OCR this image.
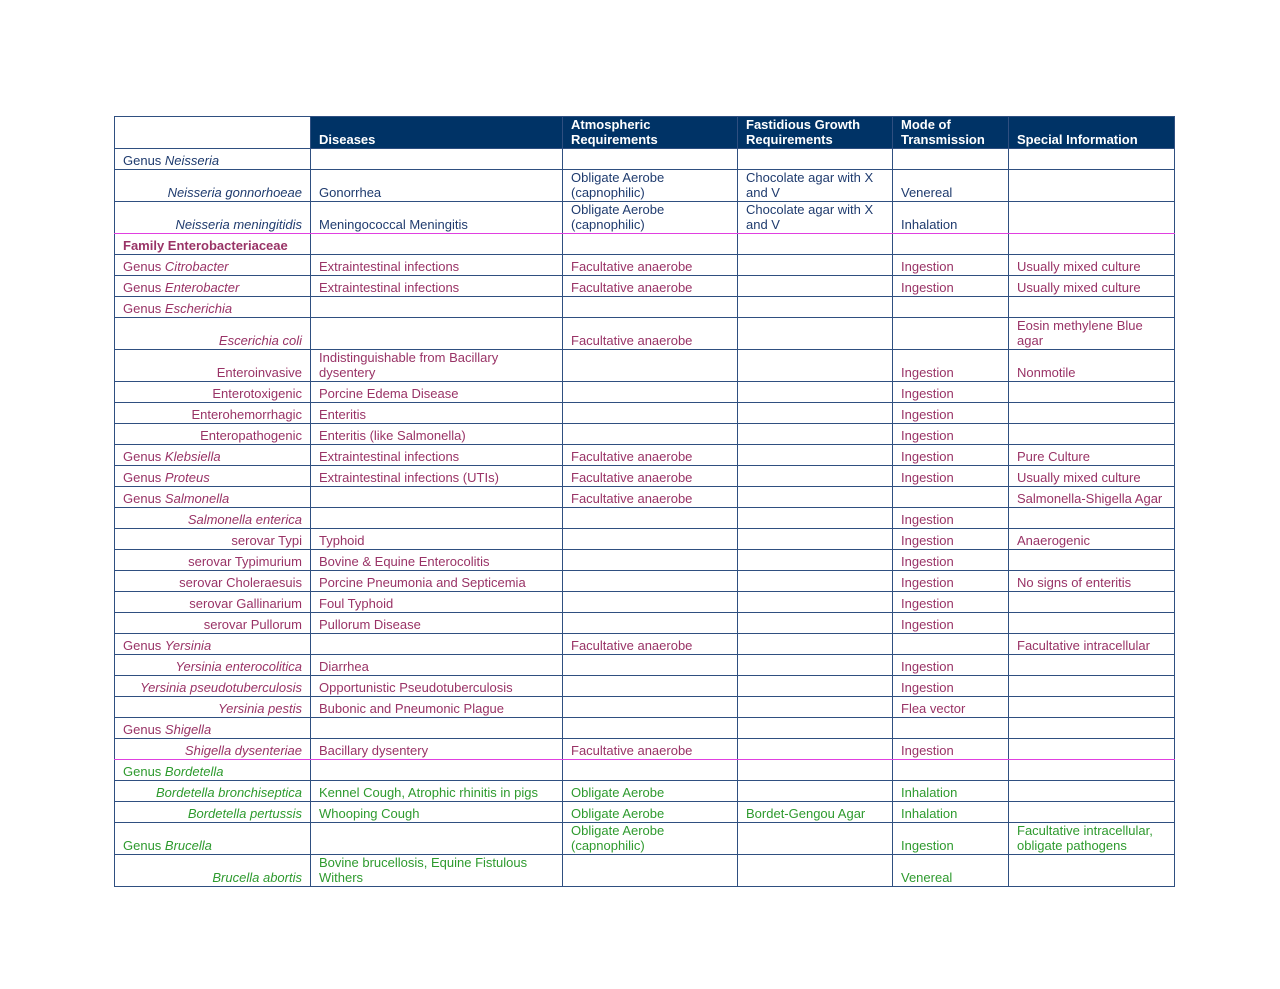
	Diseases	Atmospheric Requirements	Fastidious Growth Requirements	Mode of Transmission	Special Information
Genus Neisseria					
Neisseria gonnorhoeae	Gonorrhea	Obligate Aerobe (capnophilic)	Chocolate agar with X and V	Venereal	
Neisseria meningitidis	Meningococcal Meningitis	Obligate Aerobe (capnophilic)	Chocolate agar with X and V	Inhalation	
Family Enterobacteriaceae					
Genus Citrobacter	Extraintestinal infections	Facultative anaerobe		Ingestion	Usually mixed culture
Genus Enterobacter	Extraintestinal infections	Facultative anaerobe		Ingestion	Usually mixed culture
Genus Escherichia					
Escerichia coli		Facultative anaerobe			Eosin methylene Blue agar
Enteroinvasive	Indistinguishable from Bacillary dysentery			Ingestion	Nonmotile
Enterotoxigenic	Porcine Edema Disease			Ingestion	
Enterohemorrhagic	Enteritis			Ingestion	
Enteropathogenic	Enteritis (like Salmonella)			Ingestion	
Genus Klebsiella	Extraintestinal infections	Facultative anaerobe		Ingestion	Pure Culture
Genus Proteus	Extraintestinal infections (UTIs)	Facultative anaerobe		Ingestion	Usually mixed culture
Genus Salmonella		Facultative anaerobe			Salmonella-Shigella Agar
Salmonella enterica				Ingestion	
serovar Typi	Typhoid			Ingestion	Anaerogenic
serovar Typimurium	Bovine & Equine Enterocolitis			Ingestion	
serovar Choleraesuis	Porcine Pneumonia and Septicemia			Ingestion	No signs of enteritis
serovar Gallinarium	Foul Typhoid			Ingestion	
serovar Pullorum	Pullorum Disease			Ingestion	
Genus Yersinia		Facultative anaerobe			Facultative intracellular
Yersinia enterocolitica	Diarrhea			Ingestion	
Yersinia pseudotuberculosis	Opportunistic Pseudotuberculosis			Ingestion	
Yersinia pestis	Bubonic and Pneumonic Plague			Flea vector	
Genus Shigella					
Shigella dysenteriae	Bacillary dysentery	Facultative anaerobe		Ingestion	
Genus Bordetella					
Bordetella bronchiseptica	Kennel Cough, Atrophic rhinitis in pigs	Obligate Aerobe		Inhalation	
Bordetella pertussis	Whooping Cough	Obligate Aerobe	Bordet-Gengou Agar	Inhalation	
Genus Brucella		Obligate Aerobe (capnophilic)		Ingestion	Facultative intracellular, obligate pathogens
Brucella abortis	Bovine brucellosis, Equine Fistulous Withers			Venereal	
